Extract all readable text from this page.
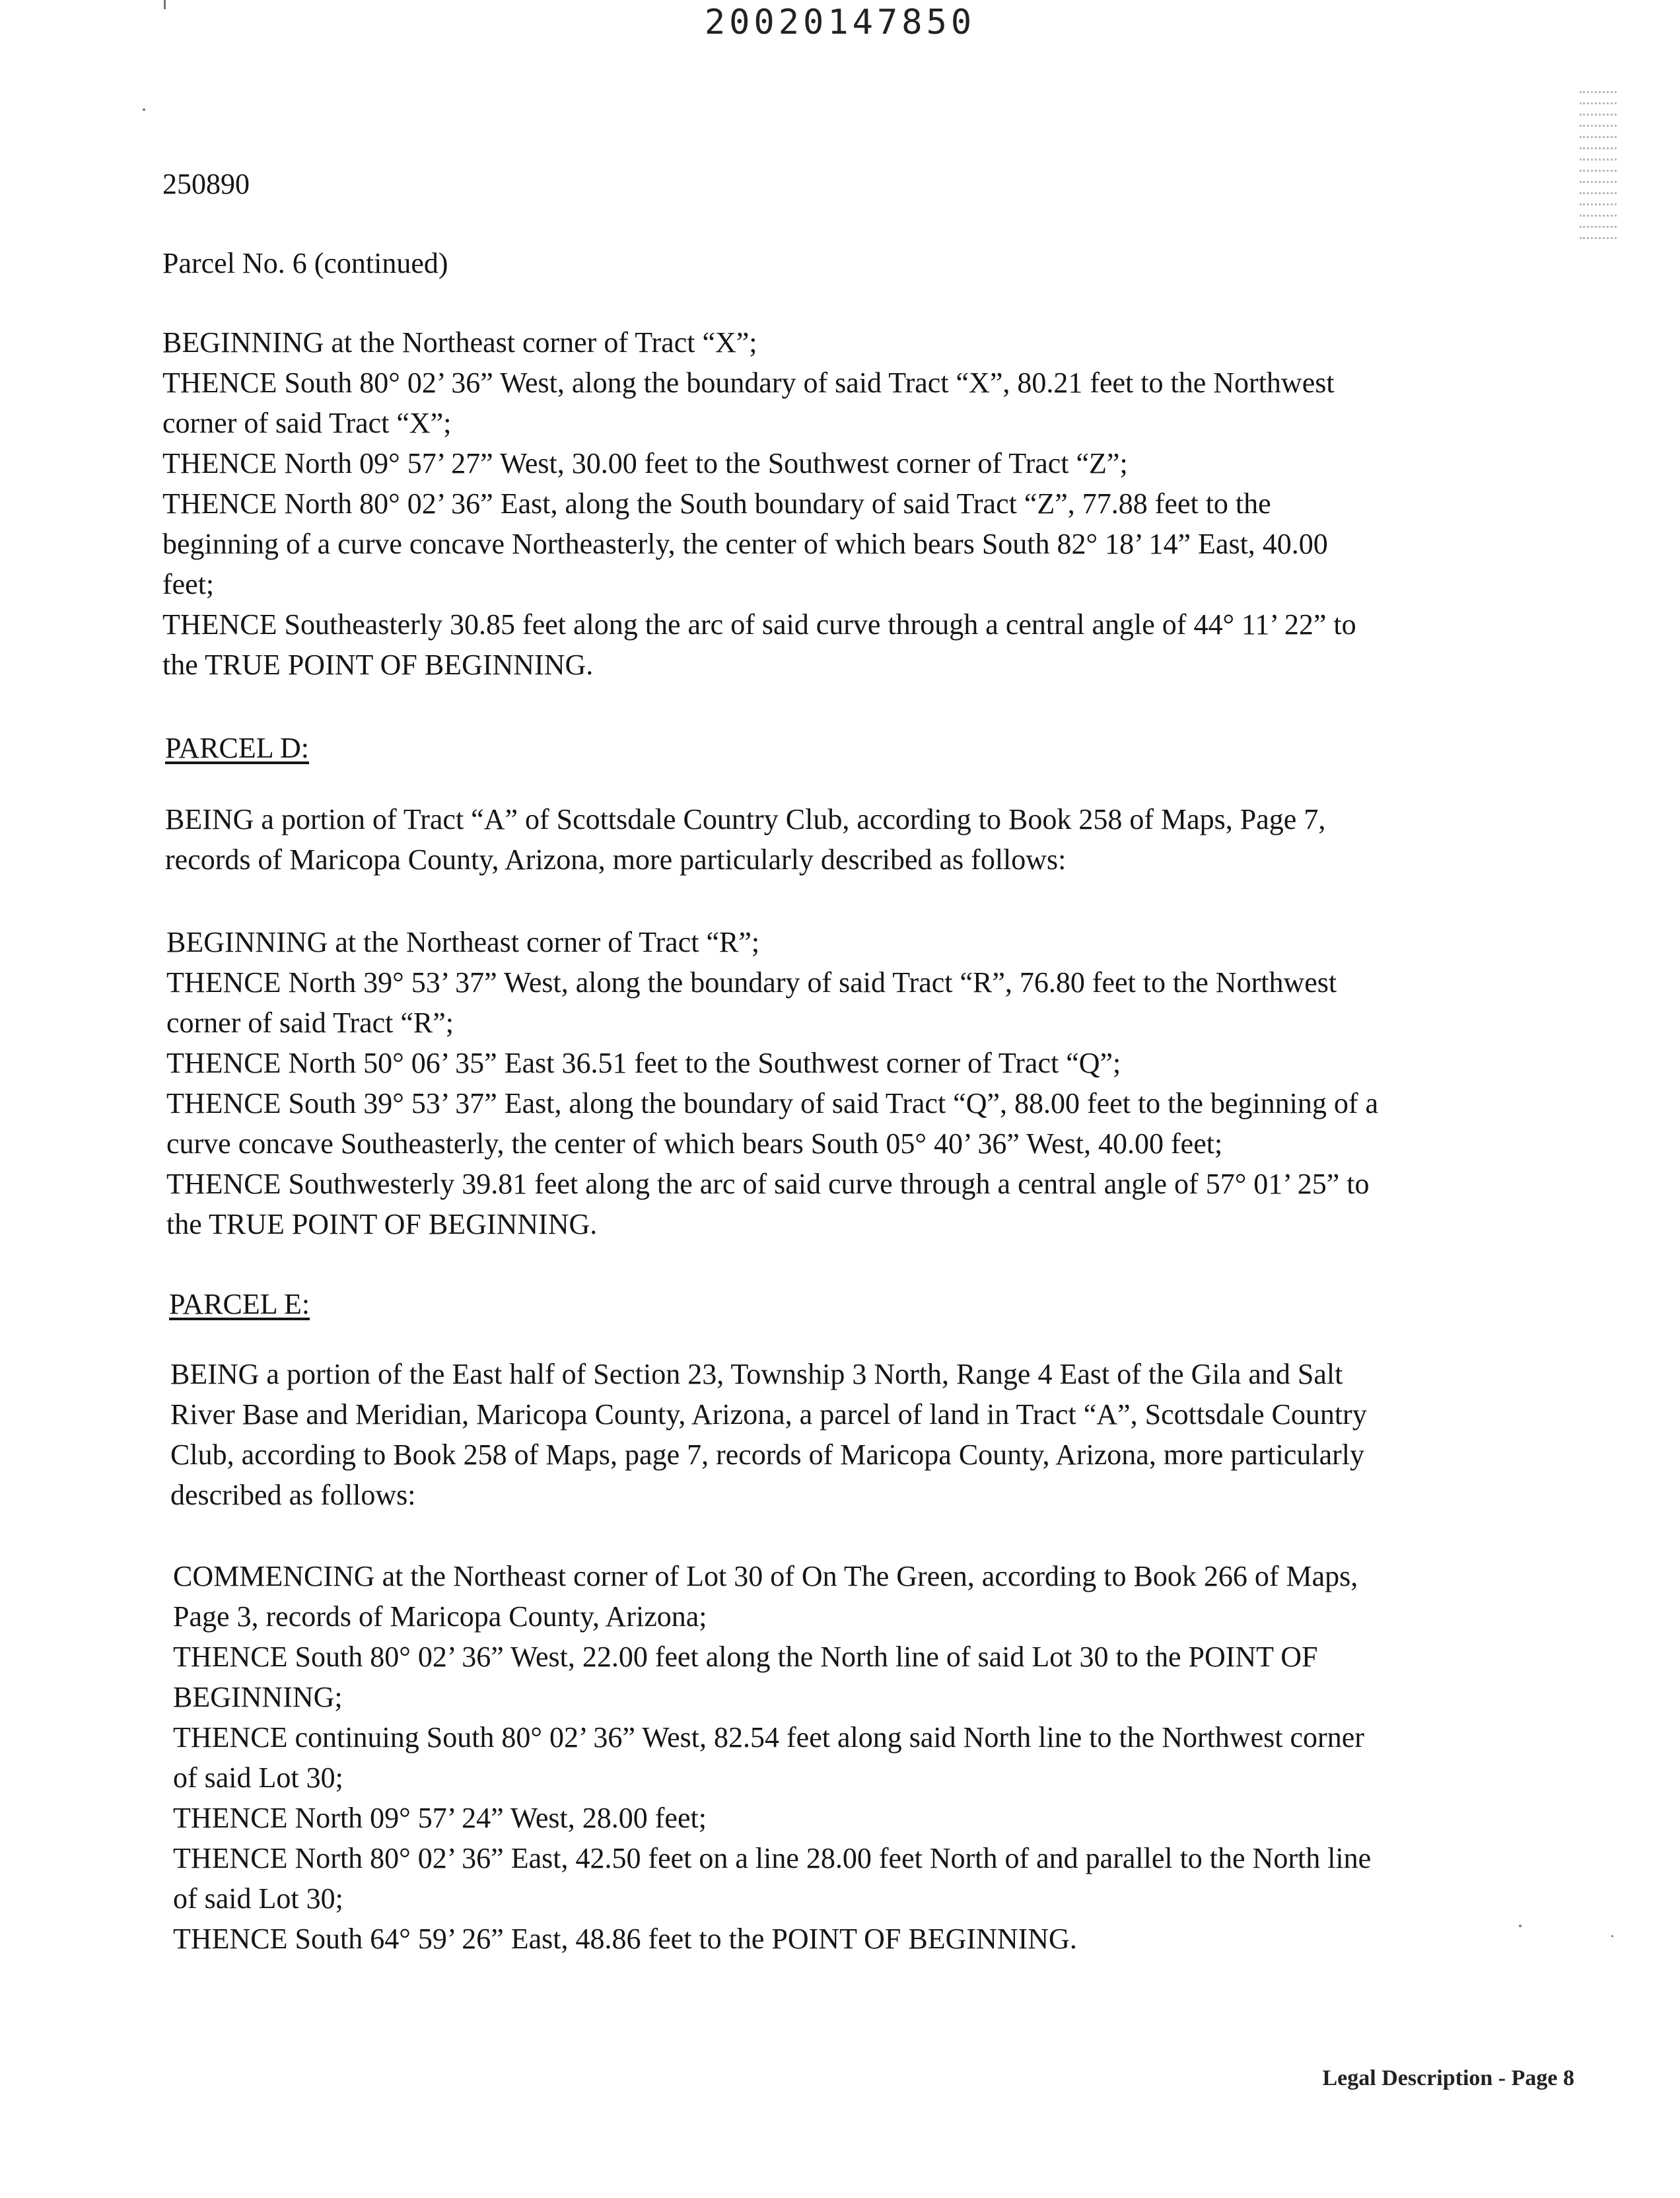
20020147850

250890

Parcel No. 6 (continued)

BEGINNING at the Northeast corner of Tract “X”;

THENCE South 80° 02’ 36” West, along the boundary of said Tract “X”, 80.21 feet to the Northwest

corner of said Tract “X”;

THENCE North 09° 57’ 27” West, 30.00 feet to the Southwest corner of Tract “Z”;

THENCE North 80° 02’ 36” East, along the South boundary of said Tract “Z”, 77.88 feet to the

beginning of a curve concave Northeasterly, the center of which bears South 82° 18’ 14” East, 40.00

feet;

THENCE Southeasterly 30.85 feet along the arc of said curve through a central angle of 44° 11’ 22” to

the TRUE POINT OF BEGINNING.

PARCEL D:

BEING a portion of Tract “A” of Scottsdale Country Club, according to Book 258 of Maps, Page 7,

records of Maricopa County, Arizona, more particularly described as follows:

BEGINNING at the Northeast corner of Tract “R”;

THENCE North 39° 53’ 37” West, along the boundary of said Tract “R”, 76.80 feet to the Northwest

corner of said Tract “R”;

THENCE North 50° 06’ 35” East 36.51 feet to the Southwest corner of Tract “Q”;

THENCE South 39° 53’ 37” East, along the boundary of said Tract “Q”, 88.00 feet to the beginning of a

curve concave Southeasterly, the center of which bears South 05° 40’ 36” West, 40.00 feet;

THENCE Southwesterly 39.81 feet along the arc of said curve through a central angle of 57° 01’ 25” to

the TRUE POINT OF BEGINNING.

PARCEL E:

BEING a portion of the East half of Section 23, Township 3 North, Range 4 East of the Gila and Salt

River Base and Meridian, Maricopa County, Arizona, a parcel of land in Tract “A”, Scottsdale Country

Club, according to Book 258 of Maps, page 7, records of Maricopa County, Arizona, more particularly

described as follows:

COMMENCING at the Northeast corner of Lot 30 of On The Green, according to Book 266 of Maps,

Page 3, records of Maricopa County, Arizona;

THENCE South 80° 02’ 36” West, 22.00 feet along the North line of said Lot 30 to the POINT OF

BEGINNING;

THENCE continuing South 80° 02’ 36” West, 82.54 feet along said North line to the Northwest corner

of said Lot 30;

THENCE North 09° 57’ 24” West, 28.00 feet;

THENCE North 80° 02’ 36” East, 42.50 feet on a line 28.00 feet North of and parallel to the North line

of said Lot 30;

THENCE South 64° 59’ 26” East, 48.86 feet to the POINT OF BEGINNING.

Legal Description - Page 8
